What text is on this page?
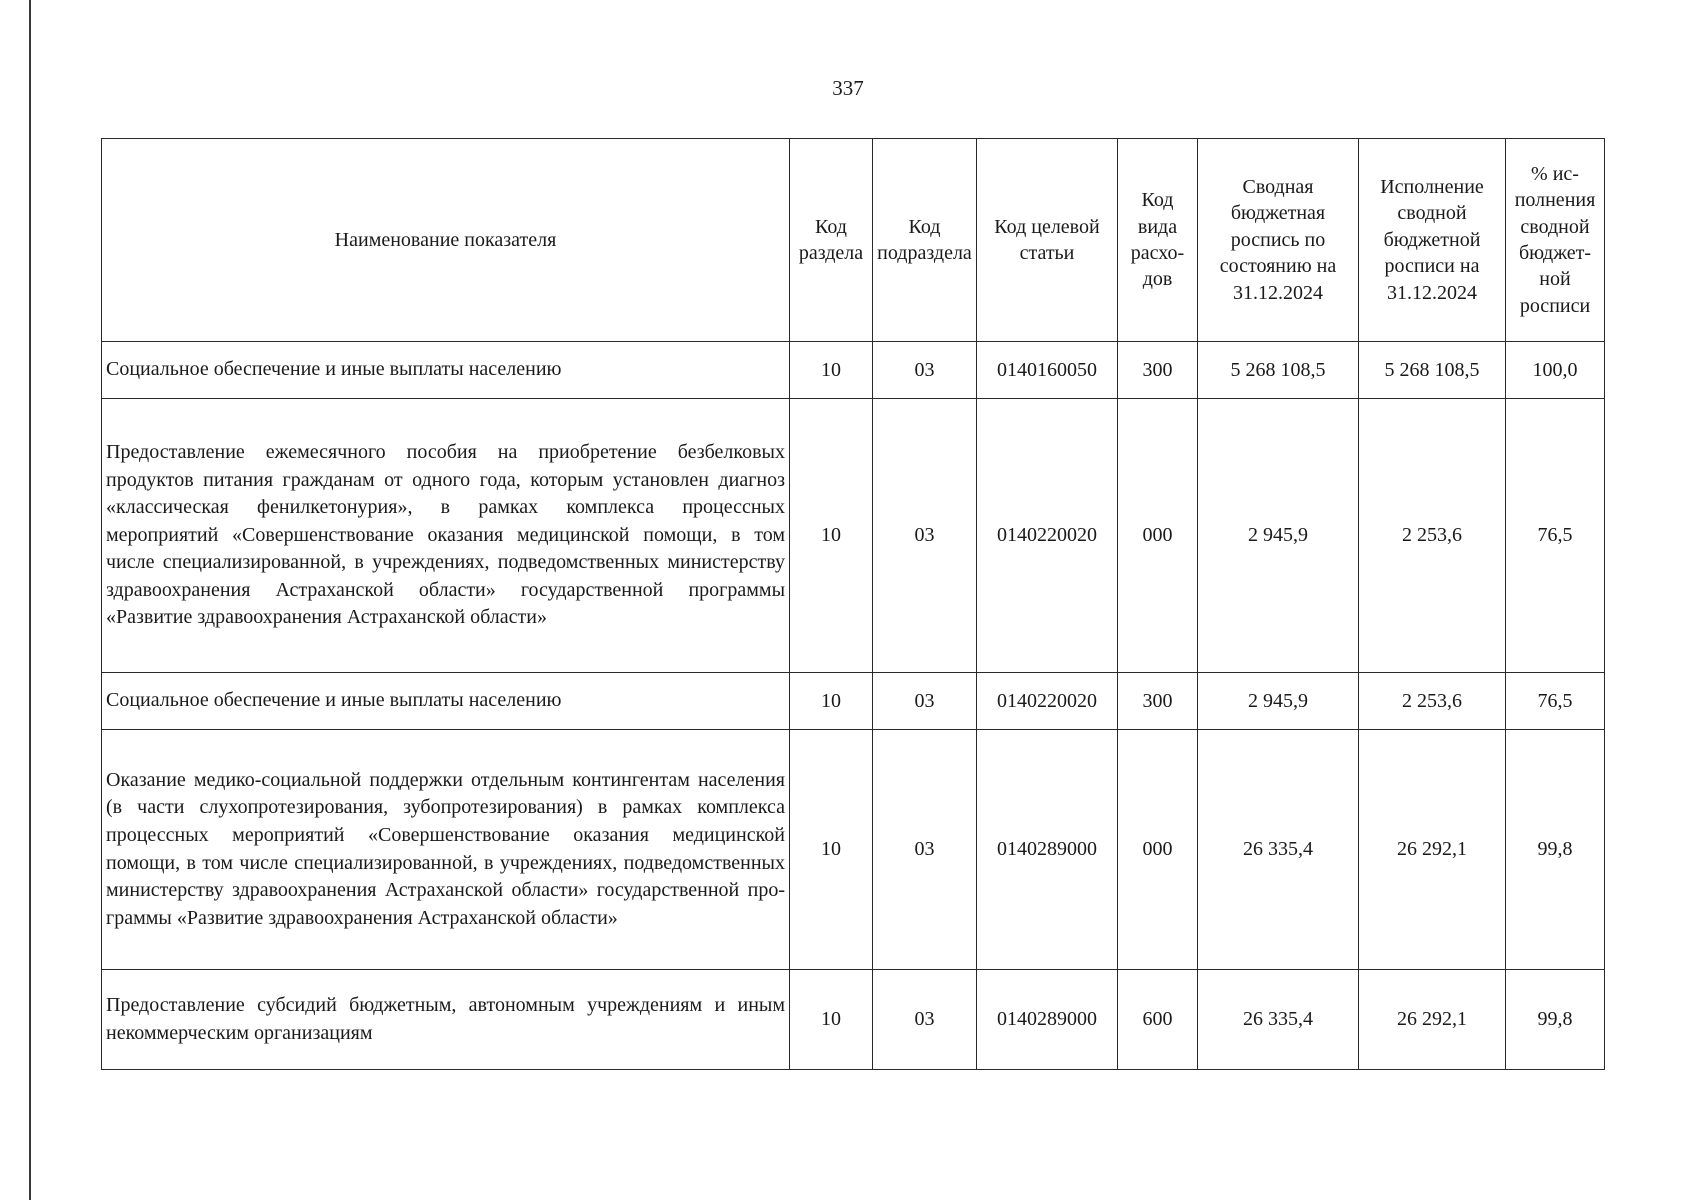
337
Наименование показателя	Код раздела	Код подраздела	Код целевой статьи	Код вида расходов	Сводная бюджетная роспись по состоянию на 31.12.2024	Исполнение сводной бюджетной росписи на 31.12.2024	% исполнения сводной бюджетной росписи
Социальное обеспечение и иные выплаты населению	10	03	0140160050	300	5 268 108,5	5 268 108,5	100,0
Предоставление ежемесячного пособия на приобретение безбелковых продуктов питания гражданам от одного года, которым установлен диагноз «классическая фенилкетонурия», в рамках комплекса процессных мероприятий «Совершенствование оказания медицинской помощи, в том числе специализированной, в учреждениях, подведомственных министерству здравоохранения Астраханской области» государственной программы «Развитие здравоохранения Астраханской области»	10	03	0140220020	000	2 945,9	2 253,6	76,5
Социальное обеспечение и иные выплаты населению	10	03	0140220020	300	2 945,9	2 253,6	76,5
Оказание медико-социальной поддержки отдельным контингентам населения (в части слухопротезирования, зубопротезирования) в рамках комплекса процессных мероприятий «Совершенствование оказания медицинской помощи, в том числе специализированной, в учреждениях, подведомственных министерству здравоохранения Астраханской области» государственной программы «Развитие здравоохранения Астраханской области»	10	03	0140289000	000	26 335,4	26 292,1	99,8
Предоставление субсидий бюджетным, автономным учреждениям и иным некоммерческим организациям	10	03	0140289000	600	26 335,4	26 292,1	99,8
